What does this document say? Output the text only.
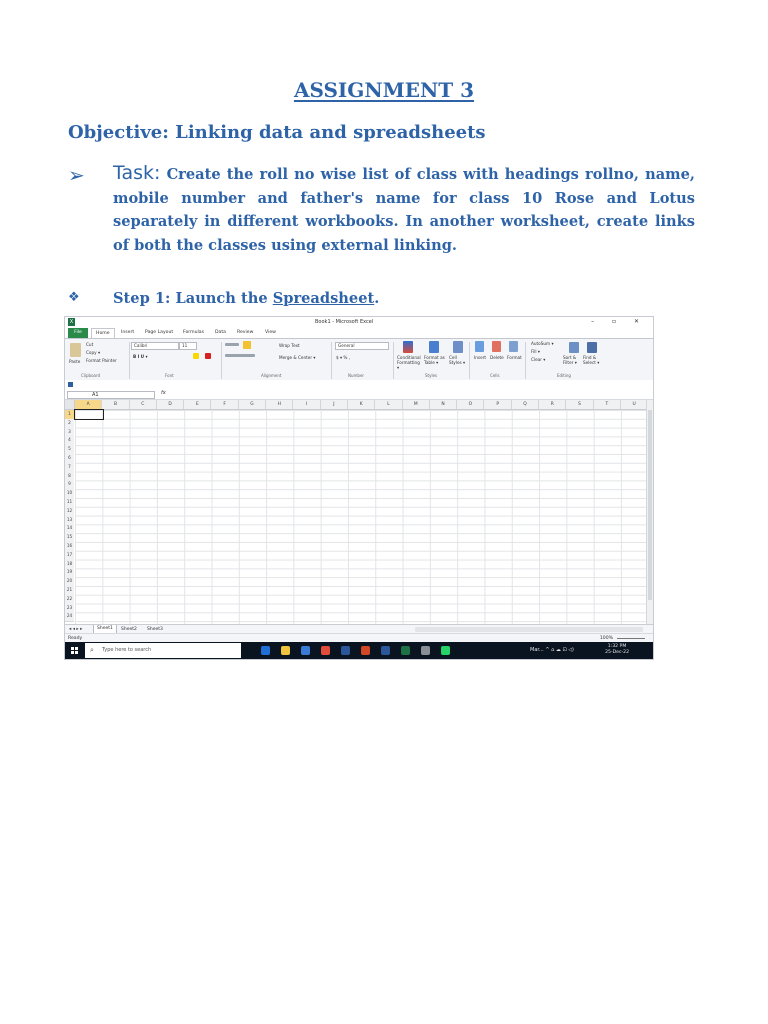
ASSIGNMENT 3
Objective: Linking data and spreadsheets
➢ Task: Create the roll no wise list of class with headings rollno, name, mobile number and father's name for class 10 Rose and Lotus separately in different workbooks. In another worksheet, create links of both the classes using external linking.
❖ Step 1: Launch the Spreadsheet.
X	Book1 - Microsoft Excel	– ▫ ✕
File	Home	Insert Page Layout Formulas Data Review	View
Paste
Cut
Copy ▾
Format Painter
Clipboard
Calibri	11
B I U ▾
Font
Wrap Text
Merge & Center ▾
Alignment
General
$ ▾ % ,
Number
Conditional Formatting ▾
Format as Table ▾
Cell Styles ▾
Styles
Insert Delete Format
Cells
AutoSum ▾
Fill ▾
Clear ▾	Sort & Filter ▾
Find & Select ▾
Editing
A1	fx
A	B	C	D	E	F	G	H	I	J	K	L	M	N	O	P	Q	R	S	T	U
1
2
3
4
5
6
7
8
9
10
11
12
13
14
15
16
17
18
19
20
21
22
23
24
◂ ◂ ▸ ▸	Sheet1	Sheet2 Sheet3
Ready	100%
⌕ Type here to search	Mar... ^ ⌂ ☁ ⊡ ◁⟩
1:32 PM
25-Dec-22
